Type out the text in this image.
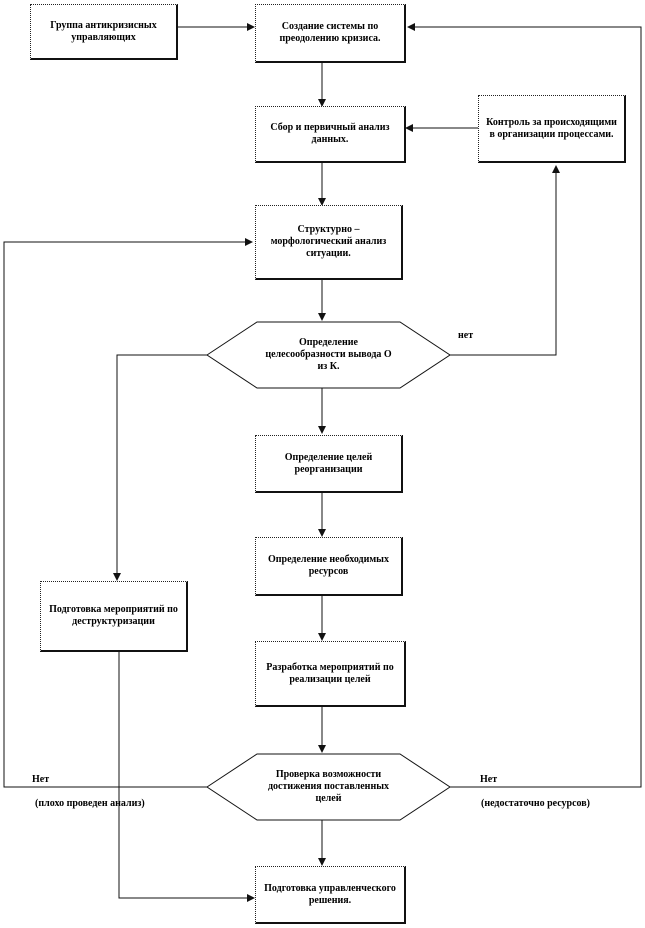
Группа антикризисных управляющих
Создание системы по преодолению кризиса.
Сбор и первичный анализ данных.
Контроль за происходящими в организации процессами.
Структурно – морфологический анализ ситуации.
Определение целесообразности вывода О из К.
нет
Определение целей реорганизации
Определение необходимых ресурсов
Подготовка мероприятий по деструктуризации
Разработка мероприятий по реализации целей
Проверка возможности достижения поставленных целей
Нет	Нет
(плохо проведен анализ)	(недостаточно ресурсов)
Подготовка управленческого решения.
